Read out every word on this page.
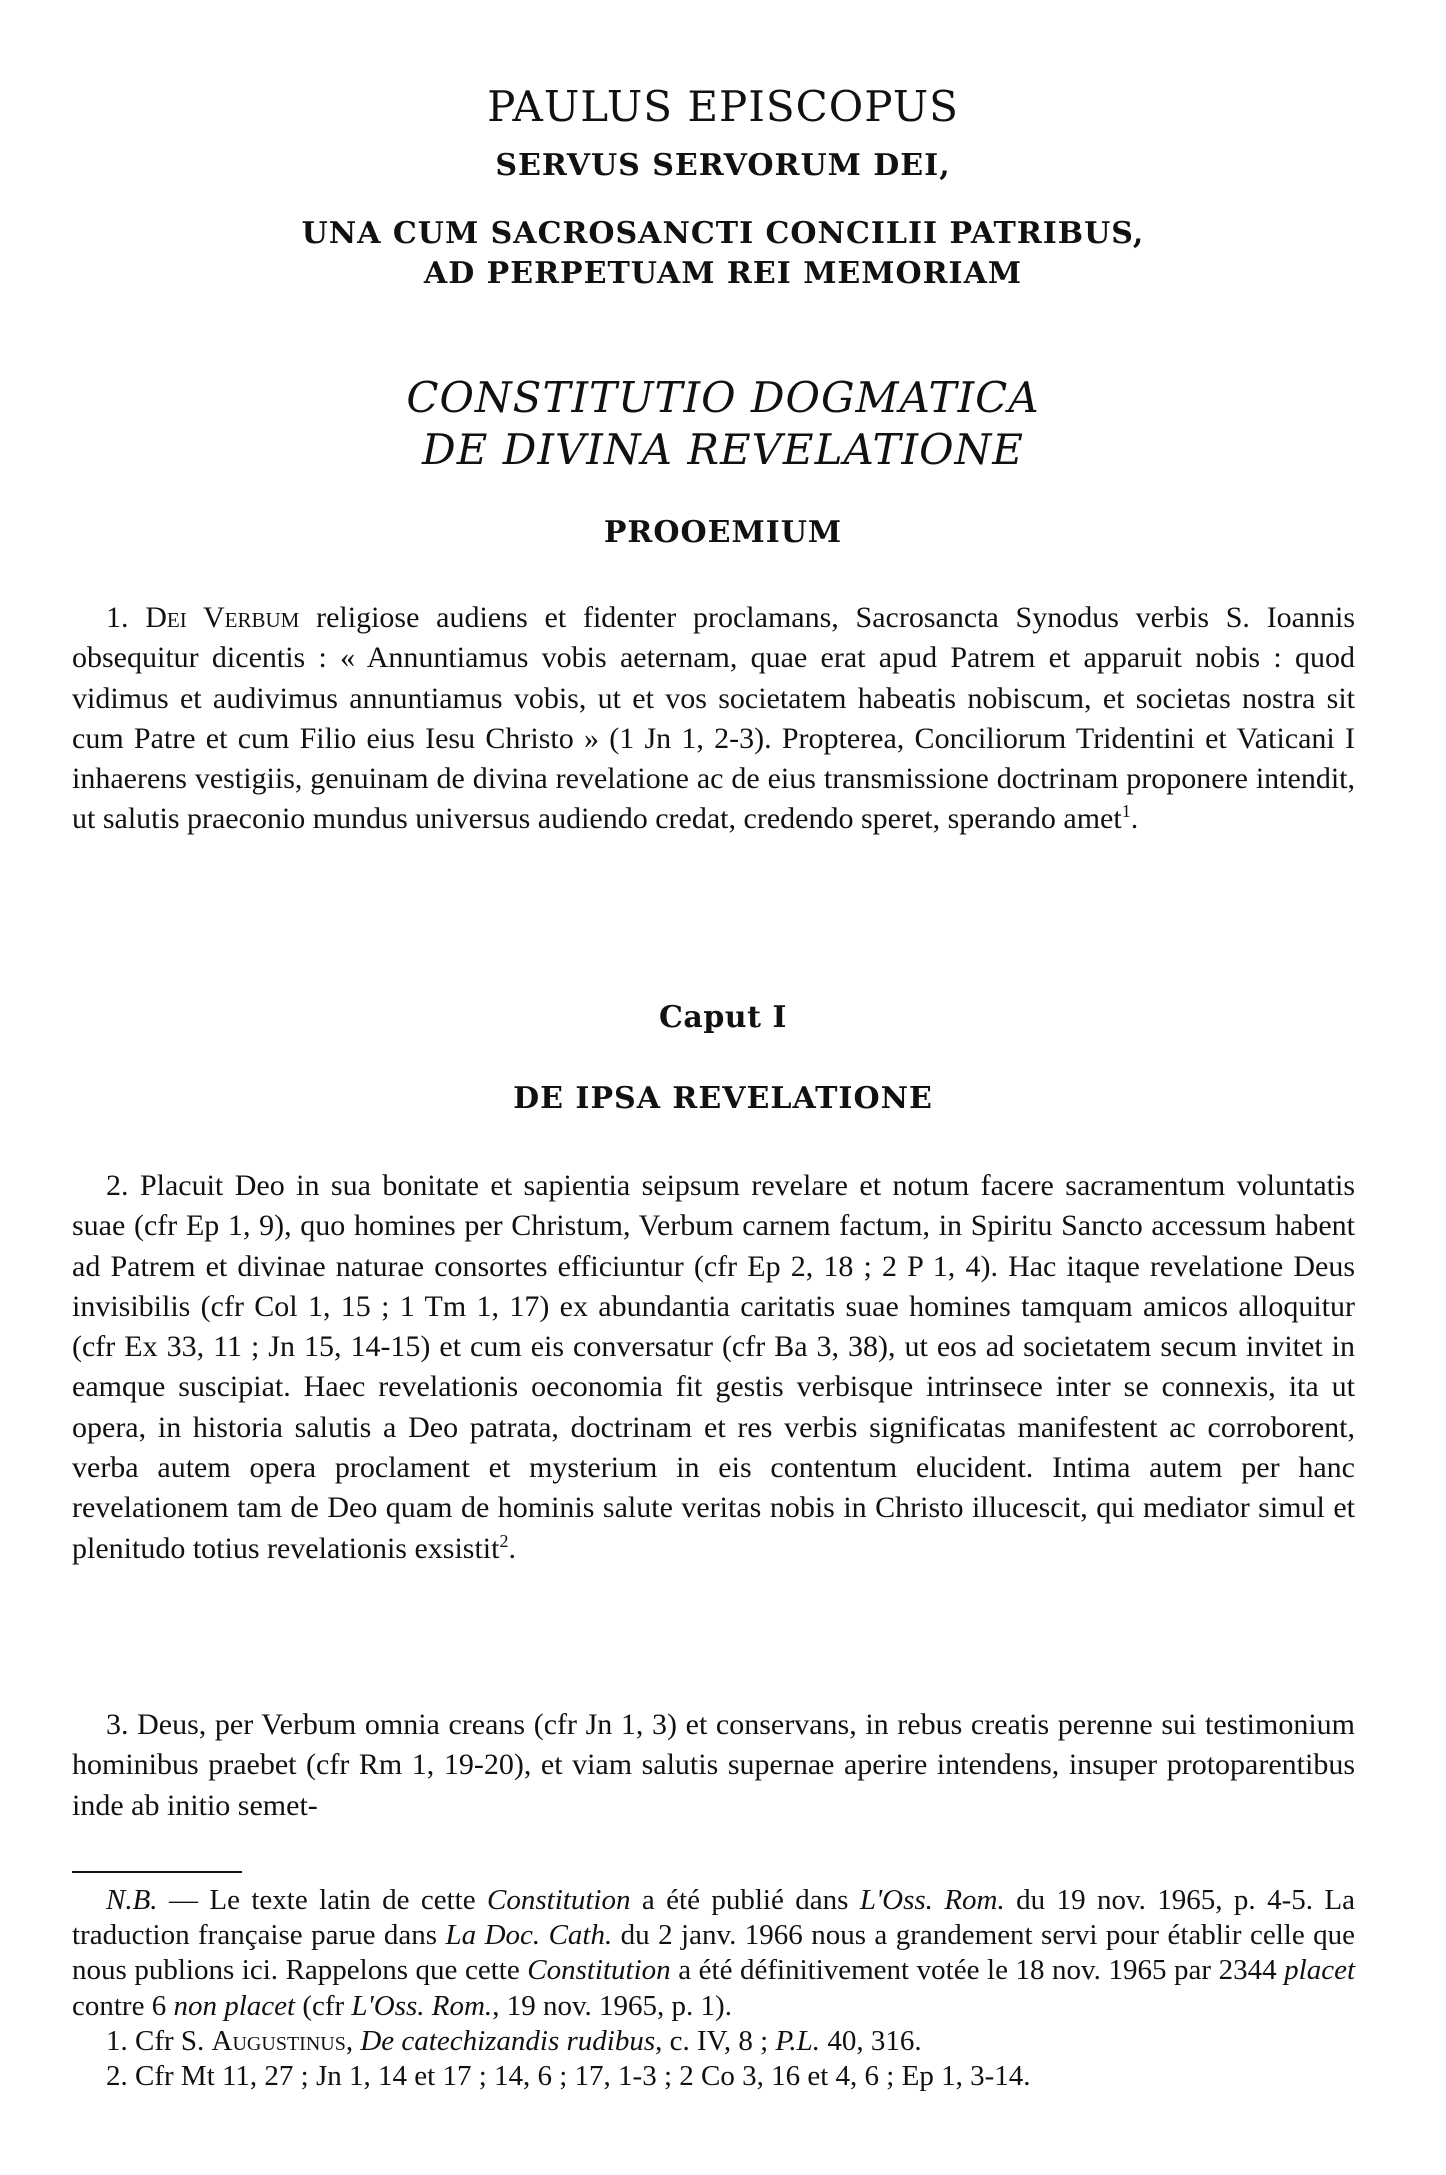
PAULUS EPISCOPUS
SERVUS SERVORUM DEI,
UNA CUM SACROSANCTI CONCILII PATRIBUS,
AD PERPETUAM REI MEMORIAM
CONSTITUTIO DOGMATICA
DE DIVINA REVELATIONE
PROOEMIUM
1. Dei Verbum religiose audiens et fidenter proclamans, Sacrosancta Synodus verbis S. Ioannis obsequitur dicentis : « Annuntiamus vobis aeternam, quae erat apud Patrem et apparuit nobis : quod vidimus et audivimus annuntiamus vobis, ut et vos societatem habeatis nobiscum, et societas nostra sit cum Patre et cum Filio eius Iesu Christo » (1 Jn 1, 2-3). Propterea, Conciliorum Tridentini et Vaticani I inhaerens vestigiis, genuinam de divina revelatione ac de eius transmissione doctrinam proponere intendit, ut salutis praeconio mundus universus audiendo credat, credendo speret, sperando amet$^1$.
Caput I
DE IPSA REVELATIONE
2. Placuit Deo in sua bonitate et sapientia seipsum revelare et notum facere sacramentum voluntatis suae (cfr Ep 1, 9), quo homines per Christum, Verbum carnem factum, in Spiritu Sancto accessum habent ad Patrem et divinae naturae consortes efficiuntur (cfr Ep 2, 18 ; 2 P 1, 4). Hac itaque revelatione Deus invisibilis (cfr Col 1, 15 ; 1 Tm 1, 17) ex abundantia caritatis suae homines tamquam amicos alloquitur (cfr Ex 33, 11 ; Jn 15, 14-15) et cum eis conversatur (cfr Ba 3, 38), ut eos ad societatem secum invitet in eamque suscipiat. Haec revelationis oeconomia fit gestis verbisque intrinsece inter se connexis, ita ut opera, in historia salutis a Deo patrata, doctrinam et res verbis significatas manifestent ac corroborent, verba autem opera proclament et mysterium in eis contentum elucident. Intima autem per hanc revelationem tam de Deo quam de hominis salute veritas nobis in Christo illucescit, qui mediator simul et plenitudo totius revelationis exsistit$^2$.
3. Deus, per Verbum omnia creans (cfr Jn 1, 3) et conservans, in rebus creatis perenne sui testimonium hominibus praebet (cfr Rm 1, 19-20), et viam salutis supernae aperire intendens, insuper protoparentibus inde ab initio semet-

N.B. — Le texte latin de cette Constitution a été publié dans L'Oss. Rom. du 19 nov. 1965, p. 4-5. La traduction française parue dans La Doc. Cath. du 2 janv. 1966 nous a grandement servi pour établir celle que nous publions ici. Rappelons que cette Constitution a été définitivement votée le 18 nov. 1965 par 2344 placet contre 6 non placet (cfr L'Oss. Rom., 19 nov. 1965, p. 1).

1. Cfr S. Augustinus, De catechizandis rudibus, c. IV, 8 ; P.L. 40, 316.

2. Cfr Mt 11, 27 ; Jn 1, 14 et 17 ; 14, 6 ; 17, 1-3 ; 2 Co 3, 16 et 4, 6 ; Ep 1, 3-14.
